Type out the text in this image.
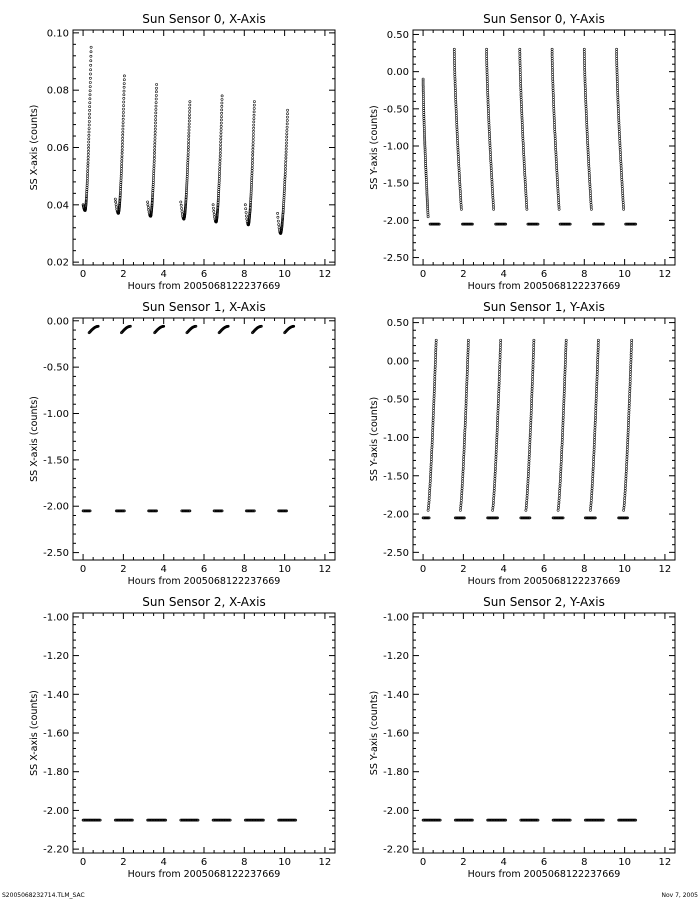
Sun Sensor 0, X-Axis
0	2	4	6	8	10	12
0.02
0.04
0.06
0.08
0.10
Hours from 2005068122237669
SS X-axis (counts)
Sun Sensor 0, Y-Axis
0	2	4	6	8	10	12
-2.50
-2.00
-1.50
-1.00
-0.50
0.00
0.50
Hours from 2005068122237669
SS Y-axis (counts)
Sun Sensor 1, X-Axis
0	2	4	6	8	10	12
-2.50
-2.00
-1.50
-1.00
-0.50
0.00
Hours from 2005068122237669
SS X-axis (counts)
Sun Sensor 1, Y-Axis
0	2	4	6	8	10	12
-2.50
-2.00
-1.50
-1.00
-0.50
0.00
0.50
Hours from 2005068122237669
SS Y-axis (counts)
Sun Sensor 2, X-Axis
0	2	4	6	8	10	12
-2.20
-2.00
-1.80
-1.60
-1.40
-1.20
-1.00
Hours from 2005068122237669
SS X-axis (counts)
Sun Sensor 2, Y-Axis
0	2	4	6	8	10	12
-2.20
-2.00
-1.80
-1.60
-1.40
-1.20
-1.00
Hours from 2005068122237669
SS Y-axis (counts)
S2005068232714.TLM_SAC	Nov 7, 2005
